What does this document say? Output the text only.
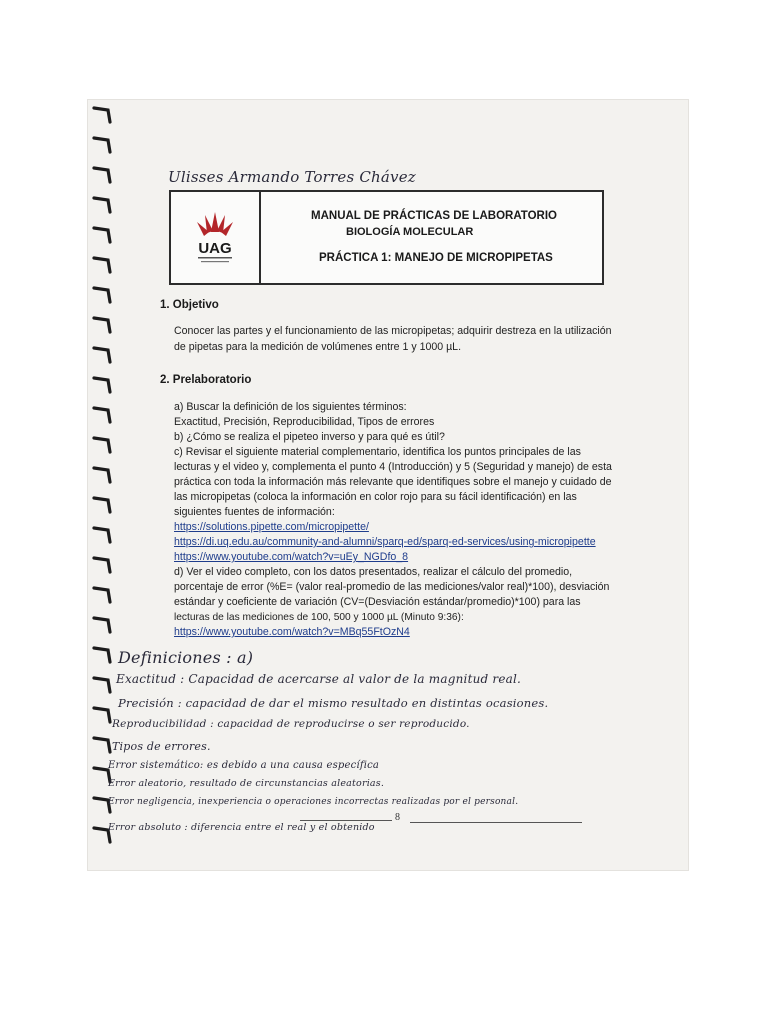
Ulisses Armando Torres Chávez
UAG
MANUAL DE PRÁCTICAS DE LABORATORIO
BIOLOGÍA MOLECULAR
PRÁCTICA 1: MANEJO DE MICROPIPETAS
1. Objetivo
Conocer las partes y el funcionamiento de las micropipetas; adquirir destreza en la utilización
de pipetas para la medición de volúmenes entre 1 y 1000 µL.
2. Prelaboratorio
a) Buscar la definición de los siguientes términos:
Exactitud, Precisión, Reproducibilidad, Tipos de errores
b) ¿Cómo se realiza el pipeteo inverso y para qué es útil?
c) Revisar el siguiente material complementario, identifica los puntos principales de las
lecturas y el video y, complementa el punto 4 (Introducción) y 5 (Seguridad y manejo) de esta
práctica con toda la información más relevante que identifiques sobre el manejo y cuidado de
las micropipetas (coloca la información en color rojo para su fácil identificación) en las
siguientes fuentes de información:
https://solutions.pipette.com/micropipette/
https://di.uq.edu.au/community-and-alumni/sparq-ed/sparq-ed-services/using-micropipette
https://www.youtube.com/watch?v=uEy_NGDfo_8
d) Ver el video completo, con los datos presentados, realizar el cálculo del promedio,
porcentaje de error (%E= (valor real-promedio de las mediciones/valor real)*100), desviación
estándar y coeficiente de variación (CV=(Desviación estándar/promedio)*100) para las
lecturas de las mediciones de 100, 500 y 1000 µL (Minuto 9:36):
https://www.youtube.com/watch?v=MBq55FtOzN4
Definiciones : a)
Exactitud : Capacidad de acercarse al valor de la magnitud real.
Precisión : capacidad de dar el mismo resultado en distintas ocasiones.
Reproducibilidad : capacidad de reproducirse o ser reproducido.
Tipos de errores.
Error sistemático: es debido a una causa específica
Error aleatorio, resultado de circunstancias aleatorias.
Error negligencia, inexperiencia o operaciones incorrectas realizadas por el personal.
Error absoluto : diferencia entre el real y el obtenido
8
